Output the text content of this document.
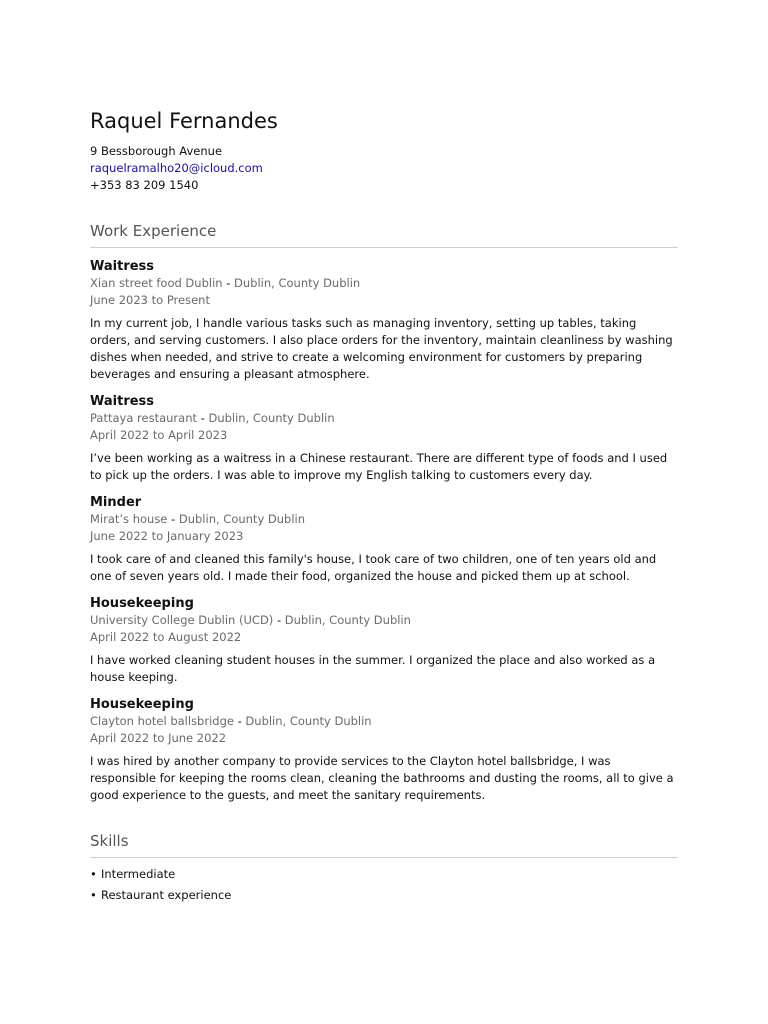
Raquel Fernandes

9 Bessborough Avenue

raquelramalho20@icloud.com

+353 83 209 1540

Work Experience

Waitress

Xian street food Dublin - Dublin, County Dublin

June 2023 to Present

In my current job, I handle various tasks such as managing inventory, setting up tables, taking orders, and serving customers. I also place orders for the inventory, maintain cleanliness by washing dishes when needed, and strive to create a welcoming environment for customers by preparing beverages and ensuring a pleasant atmosphere.

Waitress

Pattaya restaurant - Dublin, County Dublin

April 2022 to April 2023

I’ve been working as a waitress in a Chinese restaurant. There are different type of foods and I used to pick up the orders. I was able to improve my English talking to customers every day.

Minder

Mirat’s house - Dublin, County Dublin

June 2022 to January 2023

I took care of and cleaned this family's house, I took care of two children, one of ten years old and one of seven years old. I made their food, organized the house and picked them up at school.

Housekeeping

University College Dublin (UCD) - Dublin, County Dublin

April 2022 to August 2022

I have worked cleaning student houses in the summer. I organized the place and also worked as a house keeping.

Housekeeping

Clayton hotel ballsbridge - Dublin, County Dublin

April 2022 to June 2022

I was hired by another company to provide services to the Clayton hotel ballsbridge, I was responsible for keeping the rooms clean, cleaning the bathrooms and dusting the rooms, all to give a good experience to the guests, and meet the sanitary requirements.

Skills
• Intermediate
• Restaurant experience
